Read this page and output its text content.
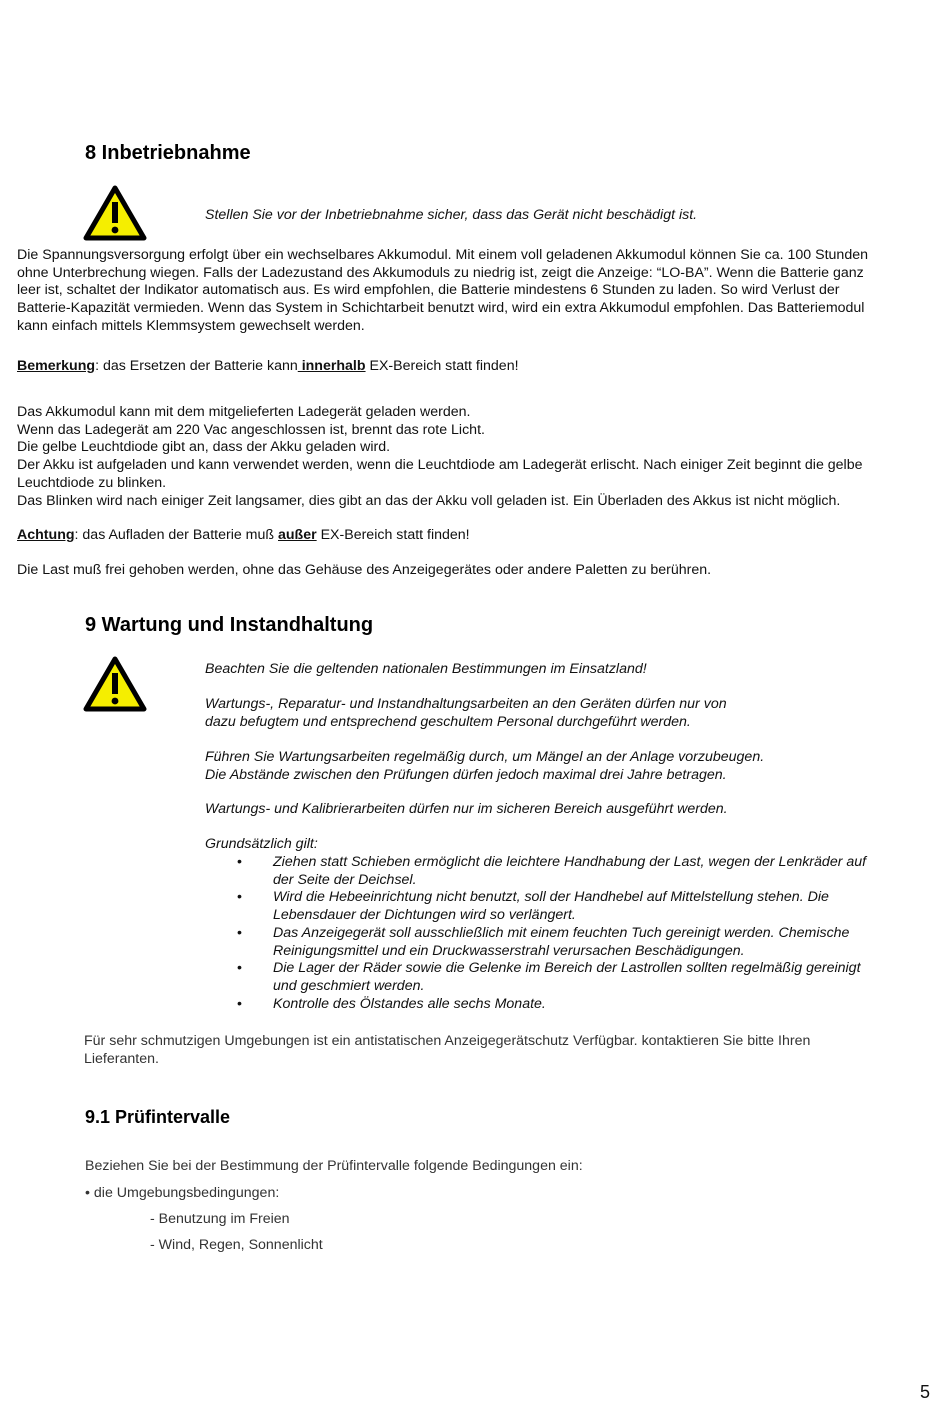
8 Inbetriebnahme
Stellen Sie vor der Inbetriebnahme sicher, dass das Gerät nicht beschädigt ist.
Die Spannungsversorgung erfolgt über ein wechselbares Akkumodul. Mit einem voll geladenen Akkumodul können Sie ca. 100 Stunden
ohne Unterbrechung wiegen. Falls der Ladezustand des Akkumoduls zu niedrig ist, zeigt die Anzeige: “LO-BA”. Wenn die Batterie ganz
leer ist, schaltet der Indikator automatisch aus. Es wird empfohlen, die Batterie mindestens 6 Stunden zu laden. So wird Verlust der
Batterie-Kapazität vermieden. Wenn das System in Schichtarbeit benutzt wird, wird ein extra Akkumodul empfohlen. Das Batteriemodul
kann einfach mittels Klemmsystem gewechselt werden.
Bemerkung: das Ersetzen der Batterie kann innerhalb EX-Bereich statt finden!
Das Akkumodul kann mit dem mitgelieferten Ladegerät geladen werden.
Wenn das Ladegerät am 220 Vac angeschlossen ist, brennt das rote Licht.
Die gelbe Leuchtdiode gibt an, dass der Akku geladen wird.
Der Akku ist aufgeladen und kann verwendet werden, wenn die Leuchtdiode am Ladegerät erlischt. Nach einiger Zeit beginnt die gelbe
Leuchtdiode zu blinken.
Das Blinken wird nach einiger Zeit langsamer, dies gibt an das der Akku voll geladen ist. Ein Überladen des Akkus ist nicht möglich.
Achtung: das Aufladen der Batterie muß außer EX-Bereich statt finden!
Die Last muß frei gehoben werden, ohne das Gehäuse des Anzeigegerätes oder andere Paletten zu berühren.
9 Wartung und Instandhaltung
Beachten Sie die geltenden nationalen Bestimmungen im Einsatzland!
Wartungs-, Reparatur- und Instandhaltungsarbeiten an den Geräten dürfen nur von
dazu befugtem und entsprechend geschultem Personal durchgeführt werden.
Führen Sie Wartungsarbeiten regelmäßig durch, um Mängel an der Anlage vorzubeugen.
Die Abstände zwischen den Prüfungen dürfen jedoch maximal drei Jahre betragen.
Wartungs- und Kalibrierarbeiten dürfen nur im sicheren Bereich ausgeführt werden.
Grundsätzlich gilt:
• Ziehen statt Schieben ermöglicht die leichtere Handhabung der Last, wegen der Lenkräder auf
der Seite der Deichsel.
• Wird die Hebeeinrichtung nicht benutzt, soll der Handhebel auf Mittelstellung stehen. Die
Lebensdauer der Dichtungen wird so verlängert.
• Das Anzeigegerät soll ausschließlich mit einem feuchten Tuch gereinigt werden. Chemische
Reinigungsmittel und ein Druckwasserstrahl verursachen Beschädigungen.
• Die Lager der Räder sowie die Gelenke im Bereich der Lastrollen sollten regelmäßig gereinigt
und geschmiert werden.
• Kontrolle des Ölstandes alle sechs Monate.
Für sehr schmutzigen Umgebungen ist ein antistatischen Anzeigegerätschutz Verfügbar. kontaktieren Sie bitte Ihren
Lieferanten.
9.1 Prüfintervalle
Beziehen Sie bei der Bestimmung der Prüfintervalle folgende Bedingungen ein:
• die Umgebungsbedingungen:
- Benutzung im Freien
- Wind, Regen, Sonnenlicht
5
